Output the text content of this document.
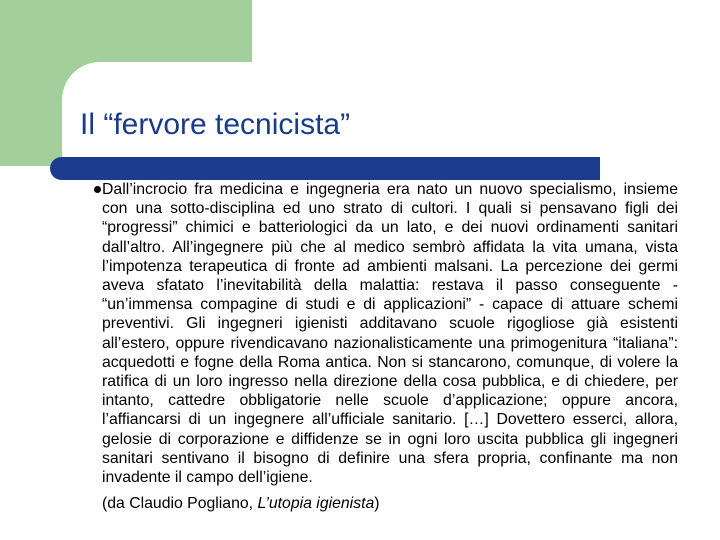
Il “fervore tecnicista”

Dall’incrocio fra medicina e ingegneria era nato un nuovo specialismo, insieme con una sotto-disciplina ed uno strato di cultori. I quali si pensavano figli dei “progressi” chimici e batteriologici da un lato, e dei nuovi ordinamenti sanitari dall’altro. All’ingegnere più che al medico sembrò affidata la vita umana, vista l’impotenza terapeutica di fronte ad ambienti malsani. La percezione dei germi aveva sfatato l’inevitabilità della malattia: restava il passo conseguente - “un’immensa compagine di studi e di applicazioni” - capace di attuare schemi preventivi. Gli ingegneri igienisti additavano scuole rigogliose già esistenti all’estero, oppure rivendicavano nazionalisticamente una primogenitura “italiana”: acquedotti e fogne della Roma antica. Non si stancarono, comunque, di volere la ratifica di un loro ingresso nella direzione della cosa pubblica, e di chiedere, per intanto, cattedre obbligatorie nelle scuole d’applicazione; oppure ancora, l’affiancarsi di un ingegnere all’ufficiale sanitario. […] Dovettero esserci, allora, gelosie di corporazione e diffidenze se in ogni loro uscita pubblica gli ingegneri sanitari sentivano il bisogno di definire una sfera propria, confinante ma non invadente il campo dell’igiene.

(da Claudio Pogliano, L’utopia igienista)
